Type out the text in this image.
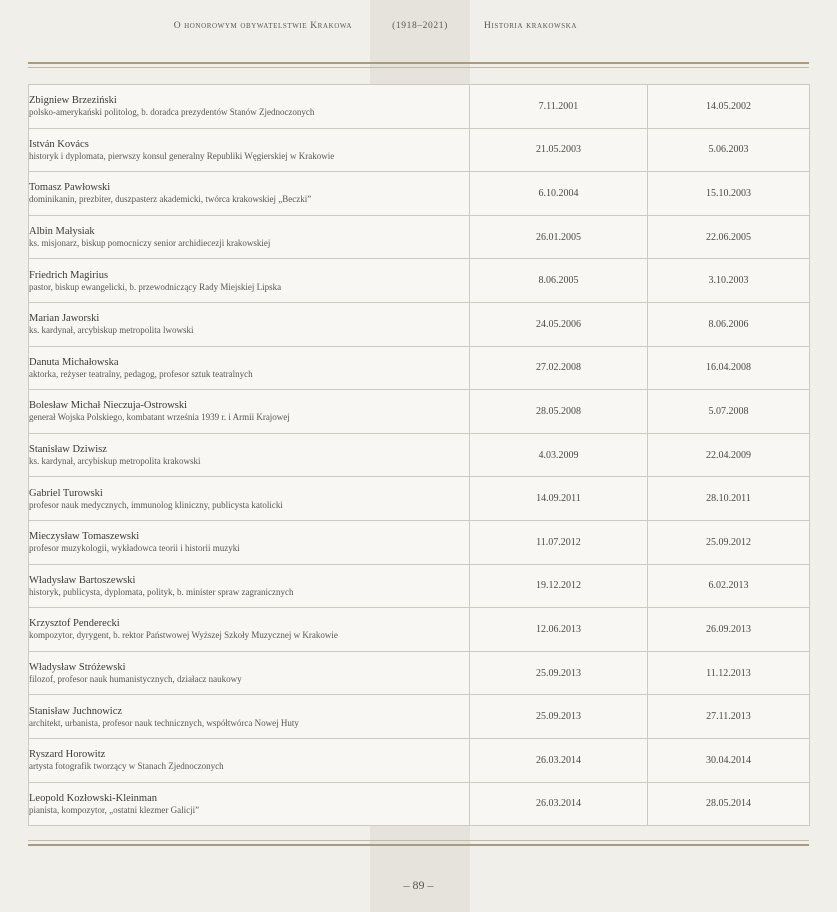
O honorowym obywatelstwie Krakowa	(1918–2021)	Historia krakowska
Zbigniew Brzeziński
polsko-amerykański politolog, b. doradca prezydentów Stanów Zjednoczonych	7.11.2001	14.05.2002

István Kovács
historyk i dyplomata, pierwszy konsul generalny Republiki Węgierskiej w Krakowie	21.05.2003	5.06.2003

Tomasz Pawłowski
dominikanin, prezbiter, duszpasterz akademicki, twórca krakowskiej „Beczki”	6.10.2004	15.10.2003

Albin Małysiak
ks. misjonarz, biskup pomocniczy senior archidiecezji krakowskiej	26.01.2005	22.06.2005

Friedrich Magirius
pastor, biskup ewangelicki, b. przewodniczący Rady Miejskiej Lipska	8.06.2005	3.10.2003

Marian Jaworski
ks. kardynał, arcybiskup metropolita lwowski	24.05.2006	8.06.2006

Danuta Michałowska
aktorka, reżyser teatralny, pedagog, profesor sztuk teatralnych	27.02.2008	16.04.2008

Bolesław Michał Nieczuja-Ostrowski
generał Wojska Polskiego, kombatant września 1939 r. i Armii Krajowej	28.05.2008	5.07.2008

Stanisław Dziwisz
ks. kardynał, arcybiskup metropolita krakowski	4.03.2009	22.04.2009

Gabriel Turowski
profesor nauk medycznych, immunolog kliniczny, publicysta katolicki	14.09.2011	28.10.2011

Mieczysław Tomaszewski
profesor muzykologii, wykładowca teorii i historii muzyki	11.07.2012	25.09.2012

Władysław Bartoszewski
historyk, publicysta, dyplomata, polityk, b. minister spraw zagranicznych	19.12.2012	6.02.2013

Krzysztof Penderecki
kompozytor, dyrygent, b. rektor Państwowej Wyższej Szkoły Muzycznej w Krakowie	12.06.2013	26.09.2013

Władysław Stróżewski
filozof, profesor nauk humanistycznych, działacz naukowy	25.09.2013	11.12.2013

Stanisław Juchnowicz
architekt, urbanista, profesor nauk technicznych, współtwórca Nowej Huty	25.09.2013	27.11.2013

Ryszard Horowitz
artysta fotografik tworzący w Stanach Zjednoczonych	26.03.2014	30.04.2014

Leopold Kozłowski-Kleinman
pianista, kompozytor, „ostatni klezmer Galicji”	26.03.2014	28.05.2014
– 89 –
